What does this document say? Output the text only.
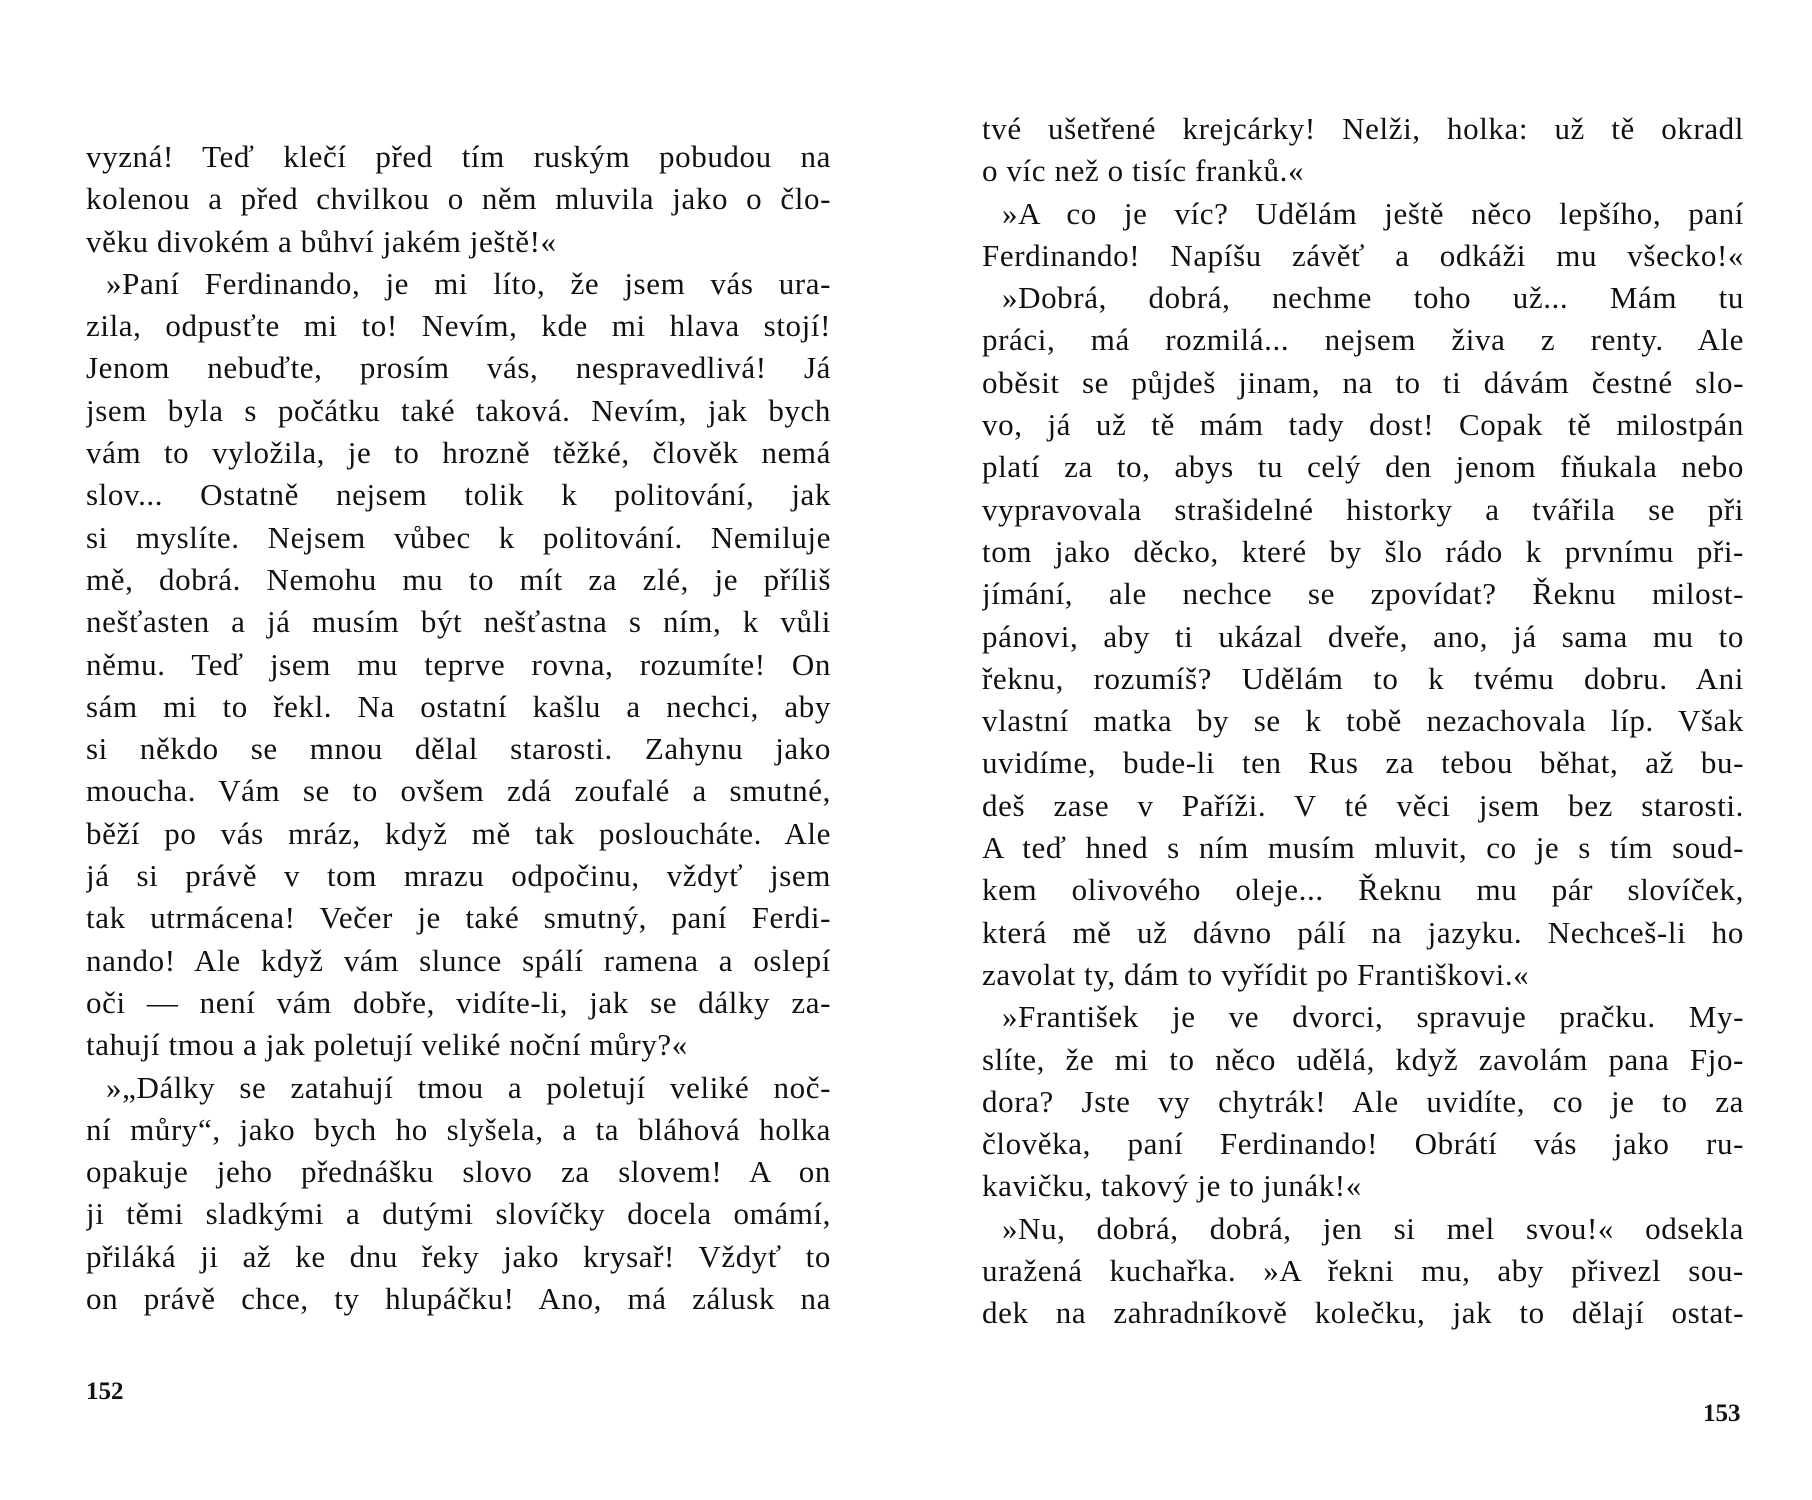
vyzná! Teď klečí před tím ruským pobudou na
kolenou a před chvilkou o něm mluvila jako o člo-
věku divokém a bůhví jakém ještě!«
»Paní Ferdinando, je mi líto, že jsem vás ura-
zila, odpusťte mi to! Nevím, kde mi hlava stojí!
Jenom nebuďte, prosím vás, nespravedlivá! Já
jsem byla s počátku také taková. Nevím, jak bych
vám to vyložila, je to hrozně těžké, člověk nemá
slov... Ostatně nejsem tolik k politování, jak
si myslíte. Nejsem vůbec k politování. Nemiluje
mě, dobrá. Nemohu mu to mít za zlé, je příliš
nešťasten a já musím být nešťastna s ním, k vůli
němu. Teď jsem mu teprve rovna, rozumíte! On
sám mi to řekl. Na ostatní kašlu a nechci, aby
si někdo se mnou dělal starosti. Zahynu jako
moucha. Vám se to ovšem zdá zoufalé a smutné,
běží po vás mráz, když mě tak posloucháte. Ale
já si právě v tom mrazu odpočinu, vždyť jsem
tak utrmácena! Večer je také smutný, paní Ferdi-
nando! Ale když vám slunce spálí ramena a oslepí
oči — není vám dobře, vidíte-li, jak se dálky za-
tahují tmou a jak poletují veliké noční můry?«
»„Dálky se zatahují tmou a poletují veliké noč-
ní můry“, jako bych ho slyšela, a ta bláhová holka
opakuje jeho přednášku slovo za slovem! A on
ji těmi sladkými a dutými slovíčky docela omámí,
přiláká ji až ke dnu řeky jako krysař! Vždyť to
on právě chce, ty hlupáčku! Ano, má zálusk na
152
tvé ušetřené krejcárky! Nelži, holka: už tě okradl
o víc než o tisíc franků.«
»A co je víc? Udělám ještě něco lepšího, paní
Ferdinando! Napíšu závěť a odkáži mu všecko!«
»Dobrá, dobrá, nechme toho už... Mám tu
práci, má rozmilá... nejsem živa z renty. Ale
oběsit se půjdeš jinam, na to ti dávám čestné slo-
vo, já už tě mám tady dost! Copak tě milostpán
platí za to, abys tu celý den jenom fňukala nebo
vypravovala strašidelné historky a tvářila se při
tom jako děcko, které by šlo rádo k prvnímu při-
jímání, ale nechce se zpovídat? Řeknu milost-
pánovi, aby ti ukázal dveře, ano, já sama mu to
řeknu, rozumíš? Udělám to k tvému dobru. Ani
vlastní matka by se k tobě nezachovala líp. Však
uvidíme, bude-li ten Rus za tebou běhat, až bu-
deš zase v Paříži. V té věci jsem bez starosti.
A teď hned s ním musím mluvit, co je s tím soud-
kem olivového oleje... Řeknu mu pár slovíček,
která mě už dávno pálí na jazyku. Nechceš-li ho
zavolat ty, dám to vyřídit po Františkovi.«
»František je ve dvorci, spravuje pračku. My-
slíte, že mi to něco udělá, když zavolám pana Fjo-
dora? Jste vy chytrák! Ale uvidíte, co je to za
člověka, paní Ferdinando! Obrátí vás jako ru-
kavičku, takový je to junák!«
»Nu, dobrá, dobrá, jen si mel svou!« odsekla
uražená kuchařka. »A řekni mu, aby přivezl sou-
dek na zahradníkově kolečku, jak to dělají ostat-
153
